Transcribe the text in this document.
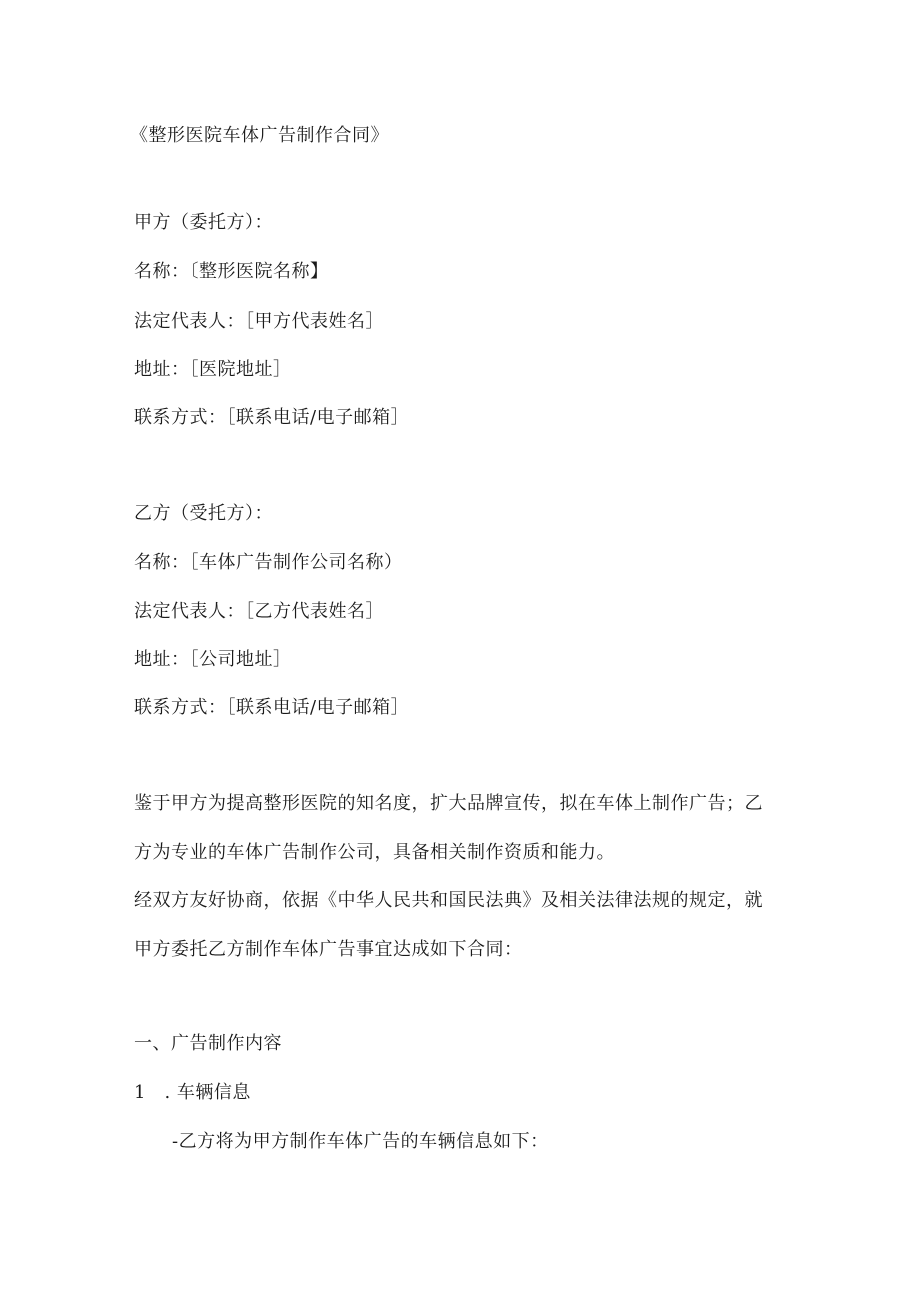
《整形医院车体广告制作合同》
甲方（委托方）：
名称：〔整形医院名称】
法定代表人：［甲方代表姓名］
地址：［医院地址］
联系方式：［联系电话/电子邮箱］
乙方（受托方）：
名称：［车体广告制作公司名称）
法定代表人：［乙方代表姓名］
地址：［公司地址］
联系方式：［联系电话/电子邮箱］
鉴于甲方为提高整形医院的知名度，扩大品牌宣传，拟在车体上制作广告；乙
方为专业的车体广告制作公司，具备相关制作资质和能力。
经双方友好协商，依据《中华人民共和国民法典》及相关法律法规的规定，就
甲方委托乙方制作车体广告事宜达成如下合同：
一、广告制作内容
1　. 车辆信息
-乙方将为甲方制作车体广告的车辆信息如下：
